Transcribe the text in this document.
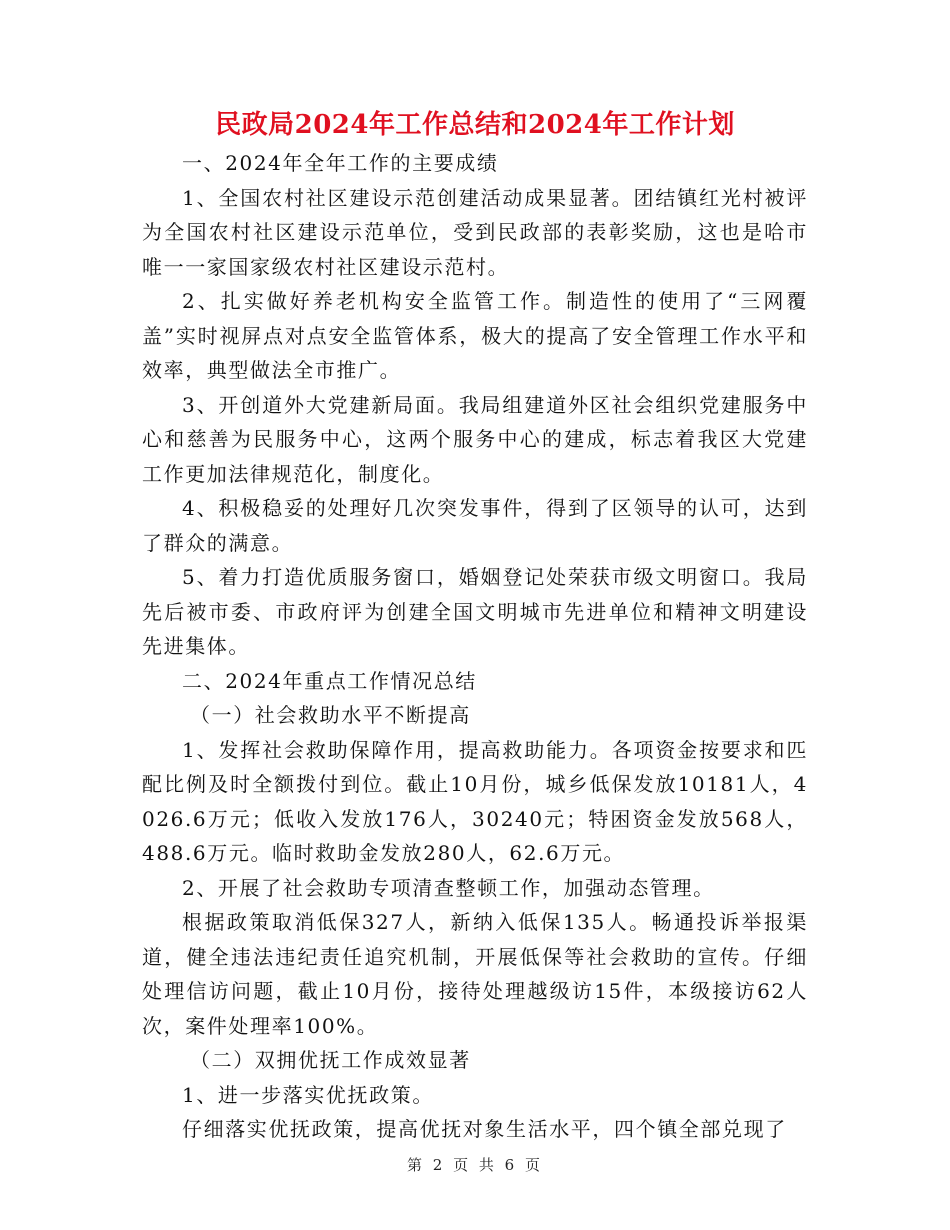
民政局2024年工作总结和2024年工作计划

一、2024年全年工作的主要成绩

1、全国农村社区建设示范创建活动成果显著。团结镇红光村被评为全国农村社区建设示范单位，受到民政部的表彰奖励，这也是哈市唯一一家国家级农村社区建设示范村。

2、扎实做好养老机构安全监管工作。制造性的使用了“三网覆盖”实时视屏点对点安全监管体系，极大的提高了安全管理工作水平和效率，典型做法全市推广。

3、开创道外大党建新局面。我局组建道外区社会组织党建服务中心和慈善为民服务中心，这两个服务中心的建成，标志着我区大党建工作更加法律规范化，制度化。

4、积极稳妥的处理好几次突发事件，得到了区领导的认可，达到了群众的满意。

5、着力打造优质服务窗口，婚姻登记处荣获市级文明窗口。我局先后被市委、市政府评为创建全国文明城市先进单位和精神文明建设先进集体。

二、2024年重点工作情况总结

（一）社会救助水平不断提高

1、发挥社会救助保障作用，提高救助能力。各项资金按要求和匹配比例及时全额拨付到位。截止10月份，城乡低保发放10181人，4026.6万元；低收入发放176人，30240元；特困资金发放568人，488.6万元。临时救助金发放280人，62.6万元。

2、开展了社会救助专项清查整顿工作，加强动态管理。

根据政策取消低保327人，新纳入低保135人。畅通投诉举报渠道，健全违法违纪责任追究机制，开展低保等社会救助的宣传。仔细处理信访问题，截止10月份，接待处理越级访15件，本级接访62人次，案件处理率100%。

（二）双拥优抚工作成效显著

1、进一步落实优抚政策。

仔细落实优抚政策，提高优抚对象生活水平，四个镇全部兑现了

第 2 页 共 6 页
